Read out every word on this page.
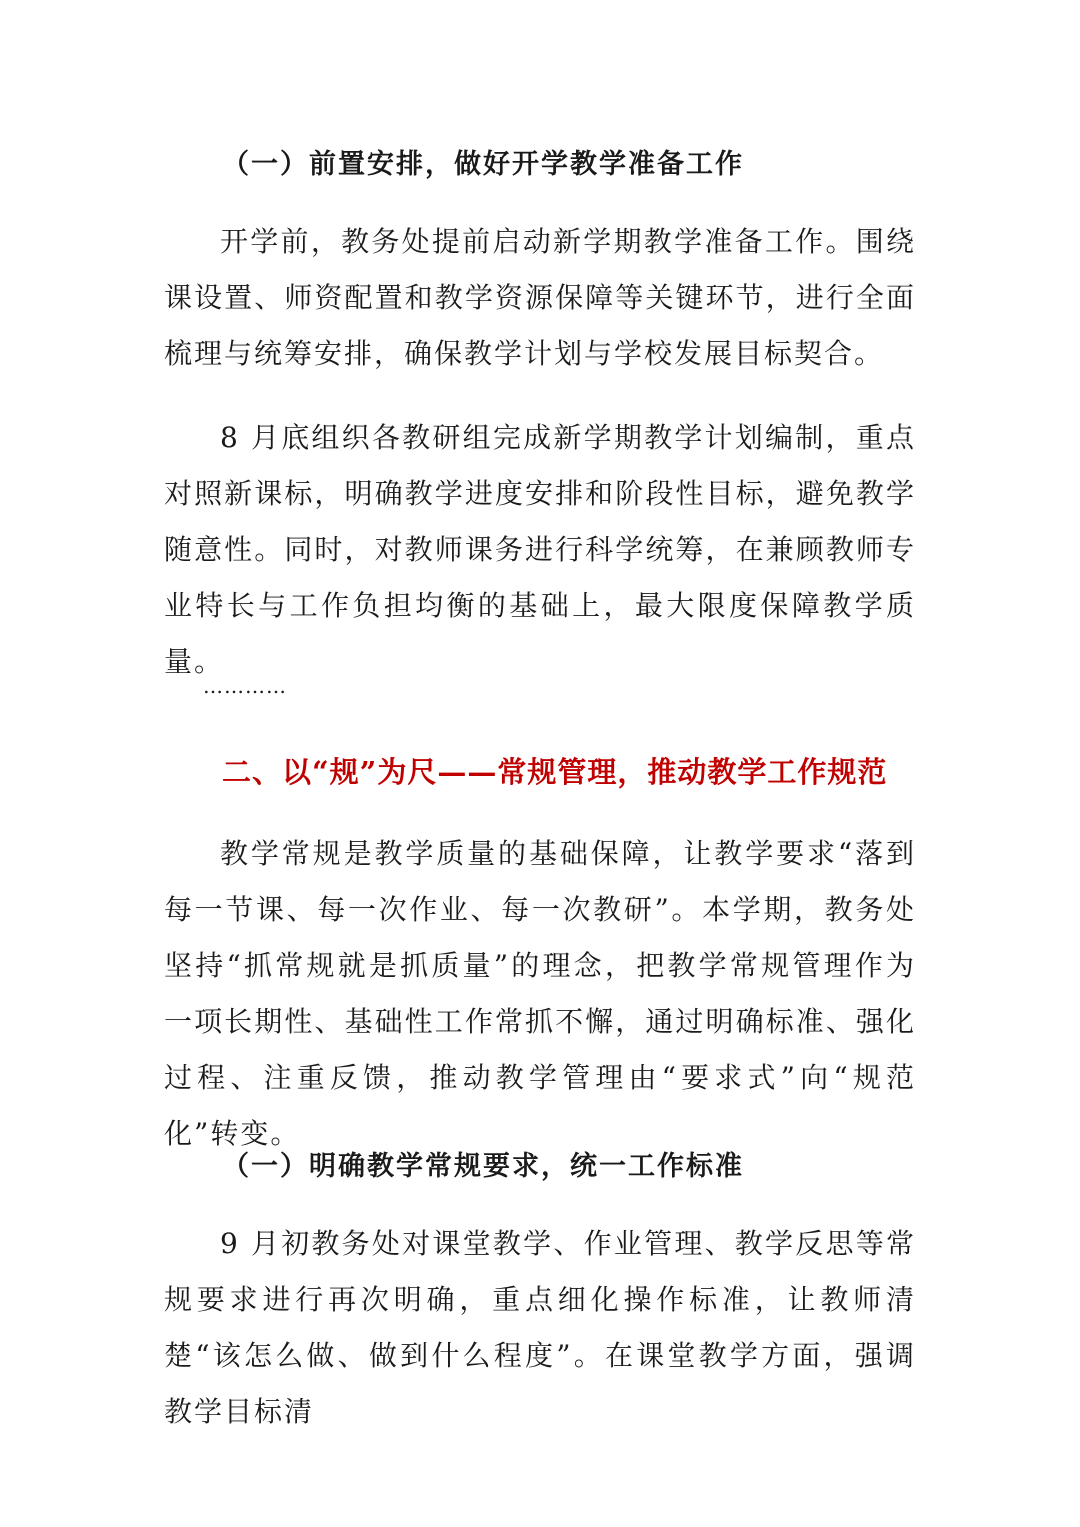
（一）前置安排，做好开学教学准备工作

开学前，教务处提前启动新学期教学准备工作。围绕课设置、师资配置和教学资源保障等关键环节，进行全面梳理与统筹安排，确保教学计划与学校发展目标契合。

8 月底组织各教研组完成新学期教学计划编制，重点对照新课标，明确教学进度安排和阶段性目标，避免教学随意性。同时，对教师课务进行科学统筹，在兼顾教师专业特长与工作负担均衡的基础上，最大限度保障教学质量。

…………
二、以“规”为尺——常规管理，推动教学工作规范

教学常规是教学质量的基础保障，让教学要求“落到每一节课、每一次作业、每一次教研”。本学期，教务处坚持“抓常规就是抓质量”的理念，把教学常规管理作为一项长期性、基础性工作常抓不懈，通过明确标准、强化过程、注重反馈，推动教学管理由“要求式”向“规范化”转变。

（一）明确教学常规要求，统一工作标准

9 月初教务处对课堂教学、作业管理、教学反思等常规要求进行再次明确，重点细化操作标准，让教师清楚“该怎么做、做到什么程度”。在课堂教学方面，强调教学目标清
